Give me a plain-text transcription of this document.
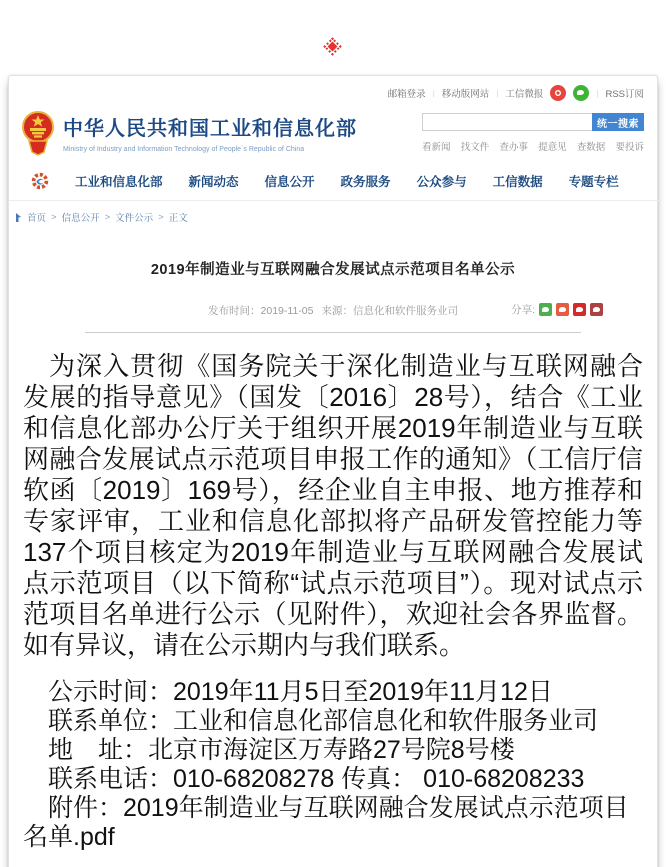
邮箱登录 | 移动版网站 | 工信微报	| RSS订阅
中华人民共和国工业和信息化部
Ministry of Industry and Information Technology of People´s Republic of China
统一搜索
看新闻 找文件 查办事 提意见 查数据 要投诉
工业和信息化部 新闻动态 信息公开 政务服务 公众参与 工信数据 专题专栏
首页 > 信息公开 > 文件公示 > 正文
2019年制造业与互联网融合发展试点示范项目名单公示
发布时间：2019-11-05 来源：信息化和软件服务业司	分享:

为深入贯彻《国务院关于深化制造业与互联网融合发展的指导意见》（国发〔2016〕28号），结合《工业和信息化部办公厅关于组织开展2019年制造业与互联网融合发展试点示范项目申报工作的通知》（工信厅信软函〔2019〕169号），经企业自主申报、地方推荐和专家评审，工业和信息化部拟将产品研发管控能力等137个项目核定为2019年制造业与互联网融合发展试点示范项目（以下简称“试点示范项目”）。现对试点示范项目名单进行公示（见附件），欢迎社会各界监督。如有异议，请在公示期内与我们联系。

公示时间：2019年11月5日至2019年11月12日

联系单位：工业和信息化部信息化和软件服务业司

地　址：北京市海淀区万寿路27号院8号楼

联系电话：010-68208278 传真： 010-68208233

附件：2019年制造业与互联网融合发展试点示范项目名单.pdf
